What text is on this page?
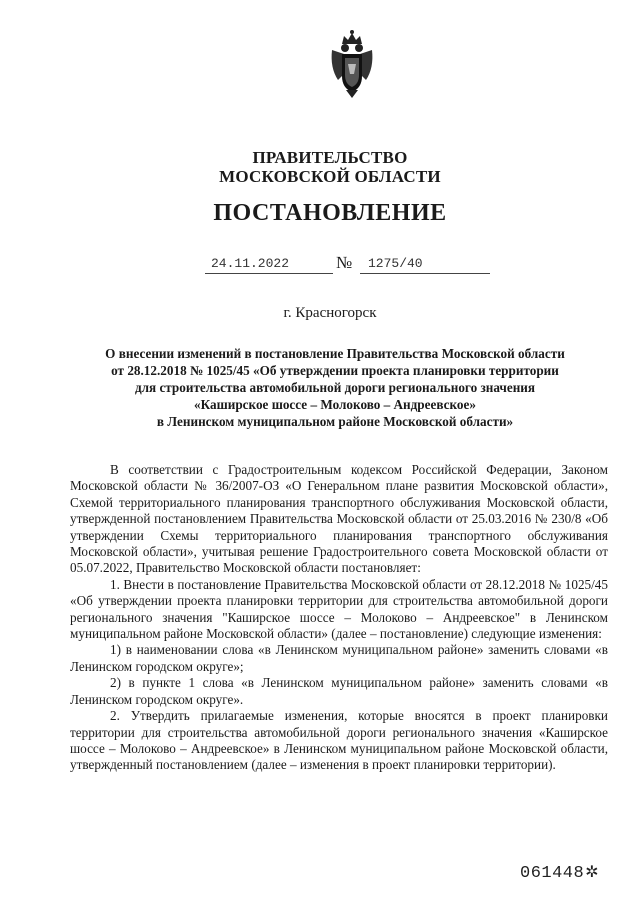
ПРАВИТЕЛЬСТВО
МОСКОВСКОЙ ОБЛАСТИ
ПОСТАНОВЛЕНИЕ
24.11.2022	№	1275/40
г. Красногорск
О внесении изменений в постановление Правительства Московской области
от 28.12.2018 № 1025/45 «Об утверждении проекта планировки территории
для строительства автомобильной дороги регионального значения
«Каширское шоссе – Молоково – Андреевское»
в Ленинском муниципальном районе Московской области»

В соответствии с Градостроительным кодексом Российской Федерации, Законом Московской области № 36/2007-ОЗ «О Генеральном плане развития Московской области», Схемой территориального планирования транспортного обслуживания Московской области, утвержденной постановлением Правительства Московской области от 25.03.2016 № 230/8 «Об утверждении Схемы территориального планирования транспортного обслуживания Московской области», учитывая решение Градостроительного совета Московской области от 05.07.2022, Правительство Московской области постановляет:

1. Внести в постановление Правительства Московской области от 28.12.2018 № 1025/45 «Об утверждении проекта планировки территории для строительства автомобильной дороги регионального значения "Каширское шоссе – Молоково – Андреевское" в Ленинском муниципальном районе Московской области» (далее – постановление) следующие изменения:

1) в наименовании слова «в Ленинском муниципальном районе» заменить словами «в Ленинском городском округе»;

2) в пункте 1 слова «в Ленинском муниципальном районе» заменить словами «в Ленинском городском округе».

2. Утвердить прилагаемые изменения, которые вносятся в проект планировки территории для строительства автомобильной дороги регионального значения «Каширское шоссе – Молоково – Андреевское» в Ленинском муниципальном районе Московской области, утвержденный постановлением (далее – изменения в проект планировки территории).

061448✲
